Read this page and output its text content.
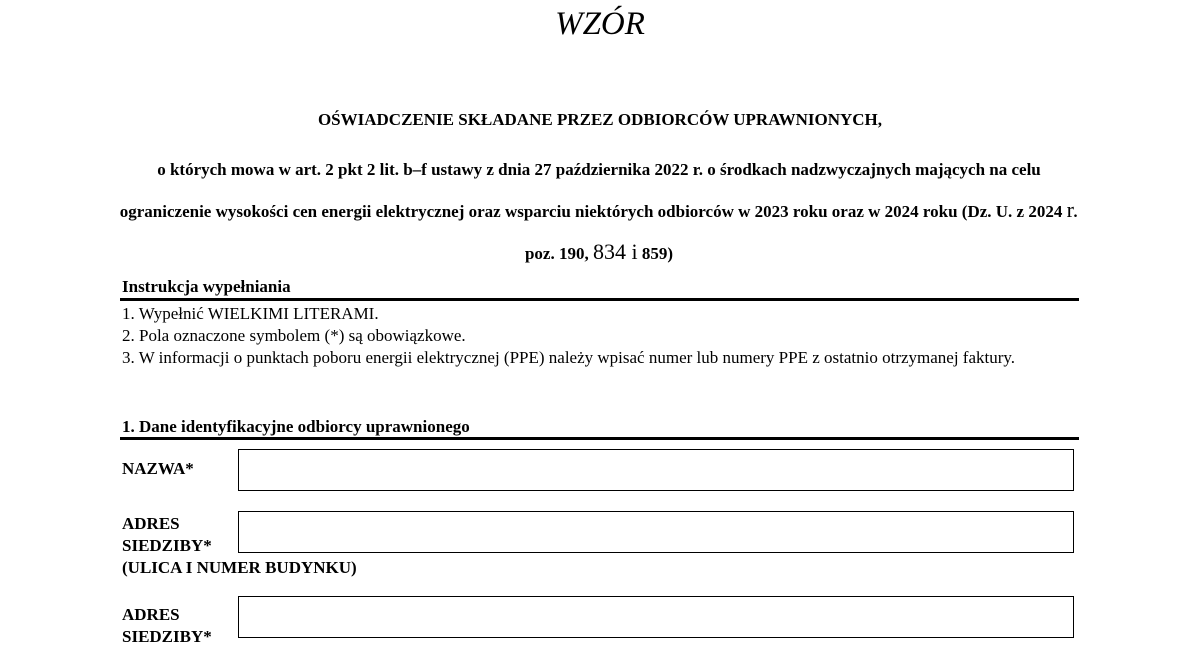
WZÓR
OŚWIADCZENIE SKŁADANE PRZEZ ODBIORCÓW UPRAWNIONYCH,
o których mowa w art. 2 pkt 2 lit. b–f ustawy z dnia 27 października 2022 r. o środkach nadzwyczajnych mających na celu ograniczenie wysokości cen energii elektrycznej oraz wsparciu niektórych odbiorców w 2023 roku oraz w 2024 roku (Dz. U. z 2024 r. poz. 190, 834 i 859)
Instrukcja wypełniania
1. Wypełnić WIELKIMI LITERAMI.
2. Pola oznaczone symbolem (*) są obowiązkowe.
3. W informacji o punktach poboru energii elektrycznej (PPE) należy wpisać numer lub numery PPE z ostatnio otrzymanej faktury.
1. Dane identyfikacyjne odbiorcy uprawnionego
NAZWA*
ADRES
SIEDZIBY*
(ULICA I NUMER BUDYNKU)
ADRES
SIEDZIBY*
